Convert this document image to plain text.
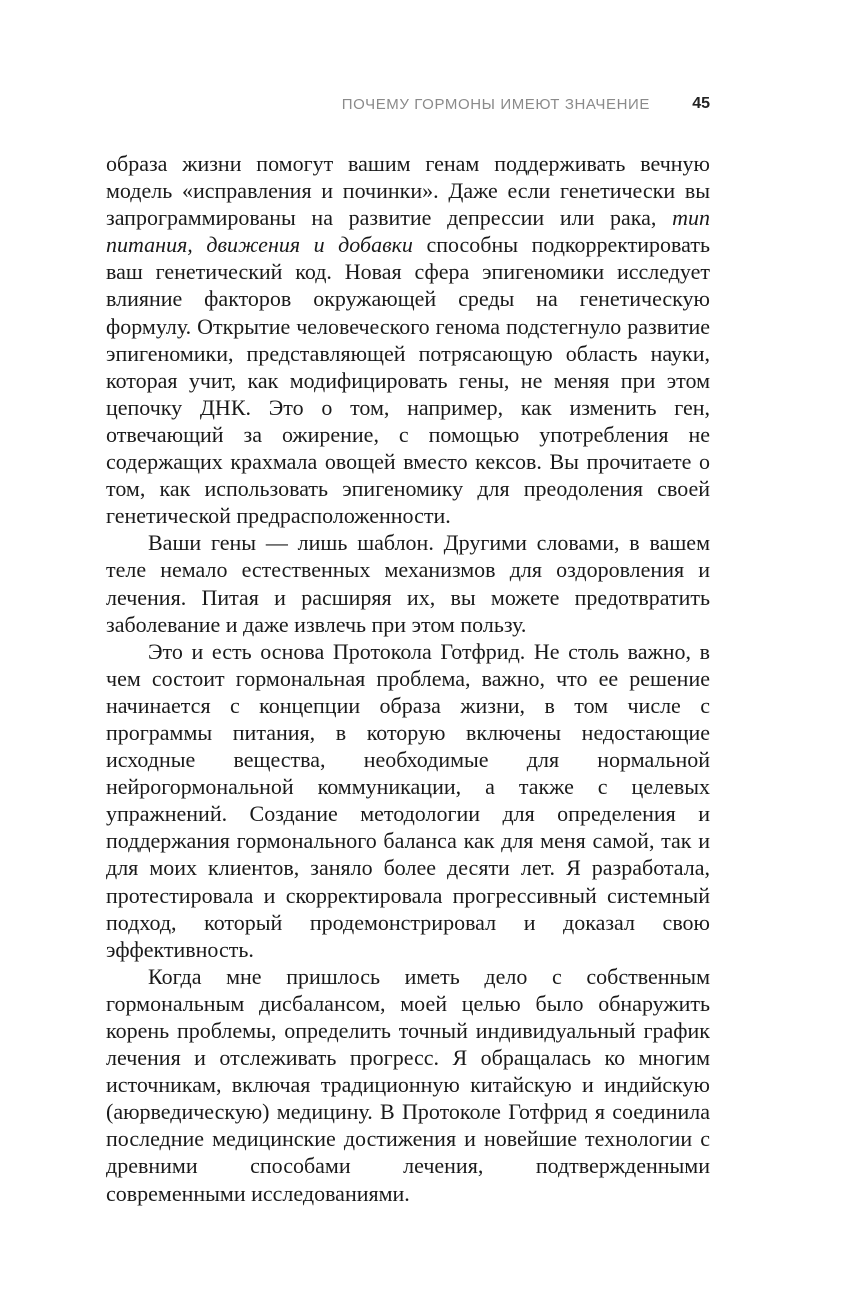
ПОЧЕМУ ГОРМОНЫ ИМЕЮТ ЗНАЧЕНИЕ	45

образа жизни помогут вашим генам поддерживать вечную модель «исправления и починки». Даже если генетически вы запрограммированы на развитие депрессии или рака, тип питания, движения и добавки способны подкорректировать ваш генетический код. Новая сфера эпигеномики исследует влияние факторов окружающей среды на генетическую формулу. Открытие человеческого генома подстегнуло развитие эпигеномики, представляющей потрясающую область науки, которая учит, как модифицировать гены, не меняя при этом цепочку ДНК. Это о том, например, как изменить ген, отвечающий за ожирение, с помощью употребления не содержащих крахмала овощей вместо кексов. Вы прочитаете о том, как использовать эпигеномику для преодоления своей генетической предрасположенности.

Ваши гены — лишь шаблон. Другими словами, в вашем теле немало естественных механизмов для оздоровления и лечения. Питая и расширяя их, вы можете предотвратить заболевание и даже извлечь при этом пользу.

Это и есть основа Протокола Готфрид. Не столь важно, в чем состоит гормональная проблема, важно, что ее решение начинается с концепции образа жизни, в том числе с программы питания, в которую включены недостающие исходные вещества, необходимые для нормальной нейрогормональной коммуникации, а также с целевых упражнений. Создание методологии для определения и поддержания гормонального баланса как для меня самой, так и для моих клиентов, заняло более десяти лет. Я разработала, протестировала и скорректировала прогрессивный системный подход, который продемонстрировал и доказал свою эффективность.

Когда мне пришлось иметь дело с собственным гормональным дисбалансом, моей целью было обнаружить корень проблемы, определить точный индивидуальный график лечения и отслеживать прогресс. Я обращалась ко многим источникам, включая традиционную китайскую и индийскую (аюрведическую) медицину. В Протоколе Готфрид я соединила последние медицинские достижения и новейшие технологии с древними способами лечения, подтвержденными современными исследованиями.
